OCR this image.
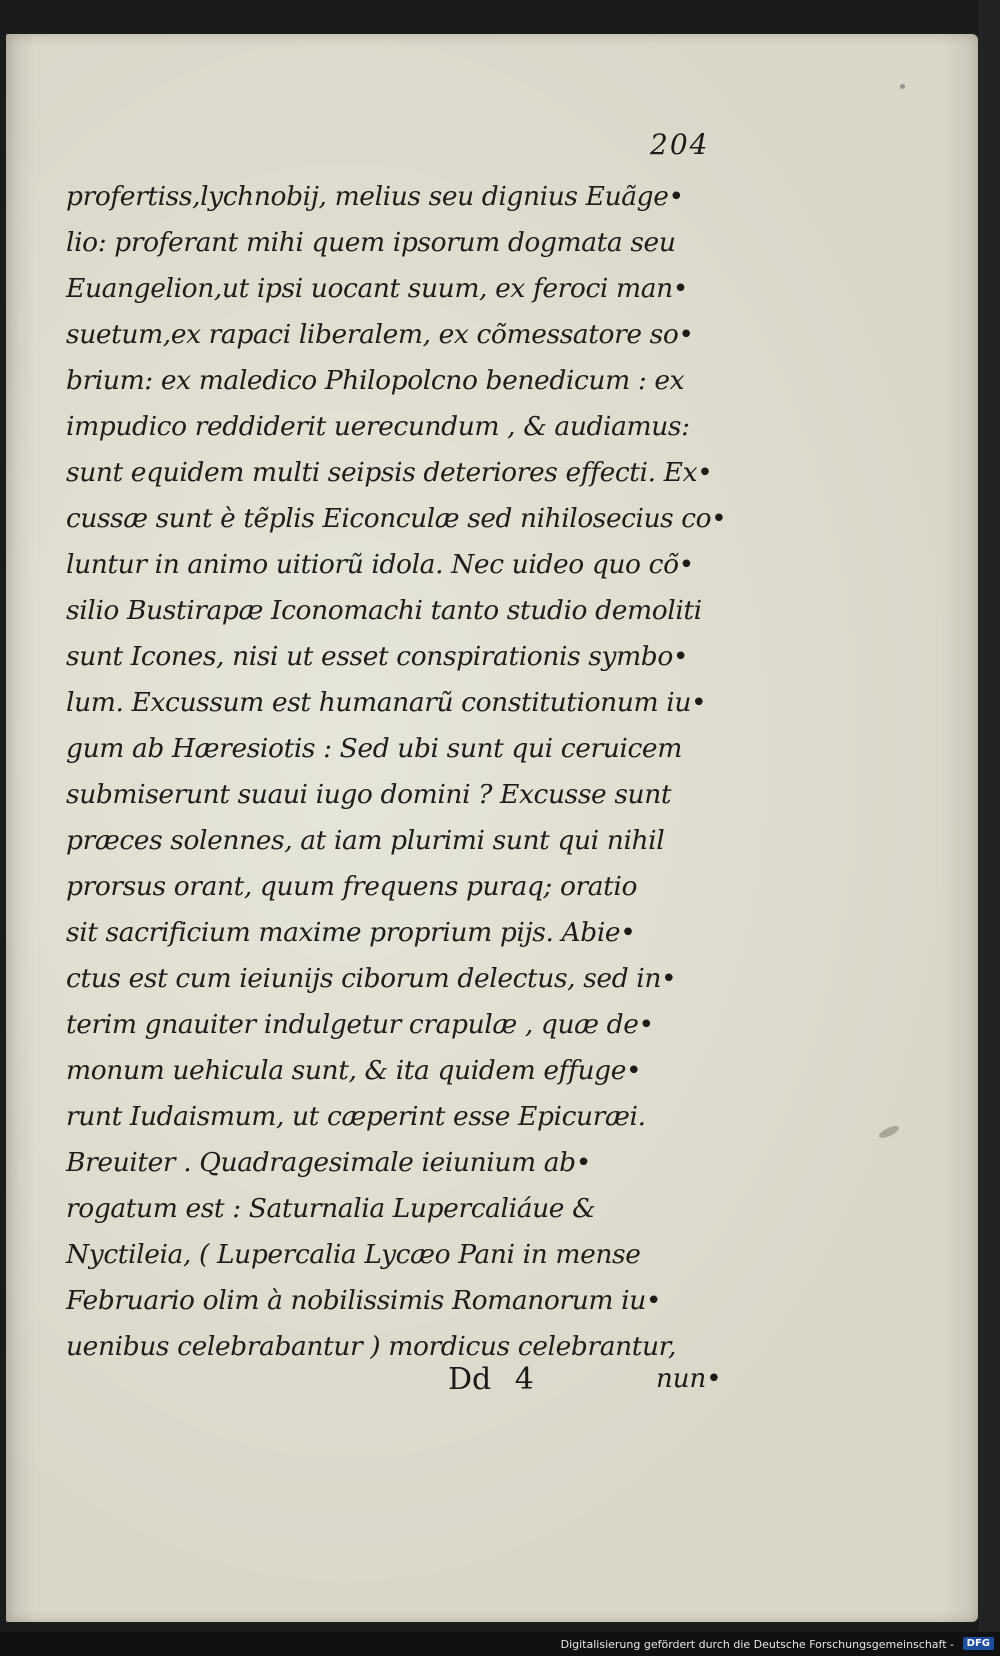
204
profertiss,lychnobij, melius seu dignius Euãge•
lio: proferant mihi quem ipsorum dogmata seu
Euangelion,ut ipsi uocant suum, ex feroci man•
suetum,ex rapaci liberalem, ex cõmessatore so•
brium: ex maledico Philopolcno benedicum : ex
impudico reddiderit uerecundum , & audiamus:
sunt equidem multi seipsis deteriores effecti. Ex•
cussæ sunt è tẽplis Eiconculæ sed nihilosecius co•
luntur in animo uitiorũ idola. Nec uideo quo cõ•
silio Bustirapæ Iconomachi tanto studio demoliti
sunt Icones, nisi ut esset conspirationis symbo•
lum. Excussum est humanarũ constitutionum iu•
gum ab Hæresiotis : Sed ubi sunt qui ceruicem
submiserunt suaui iugo domini ? Excusse sunt
præces solennes, at iam plurimi sunt qui nihil
prorsus orant, quum frequens puraq; oratio
sit sacrificium maxime proprium pijs. Abie•
ctus est cum ieiunijs ciborum delectus, sed in•
terim gnauiter indulgetur crapulæ , quæ de•
monum uehicula sunt, & ita quidem effuge•
runt Iudaismum, ut cæperint esse Epicuræi.
Breuiter . Quadragesimale ieiunium ab•
rogatum est : Saturnalia Lupercaliáue &
Nyctileia, ( Lupercalia Lycæo Pani in mense
Februario olim à nobilissimis Romanorum iu•
uenibus celebrabantur ) mordicus celebrantur,
Dd 4	nun•
Digitalisierung gefördert durch die Deutsche Forschungsgemeinschaft -	DFG
